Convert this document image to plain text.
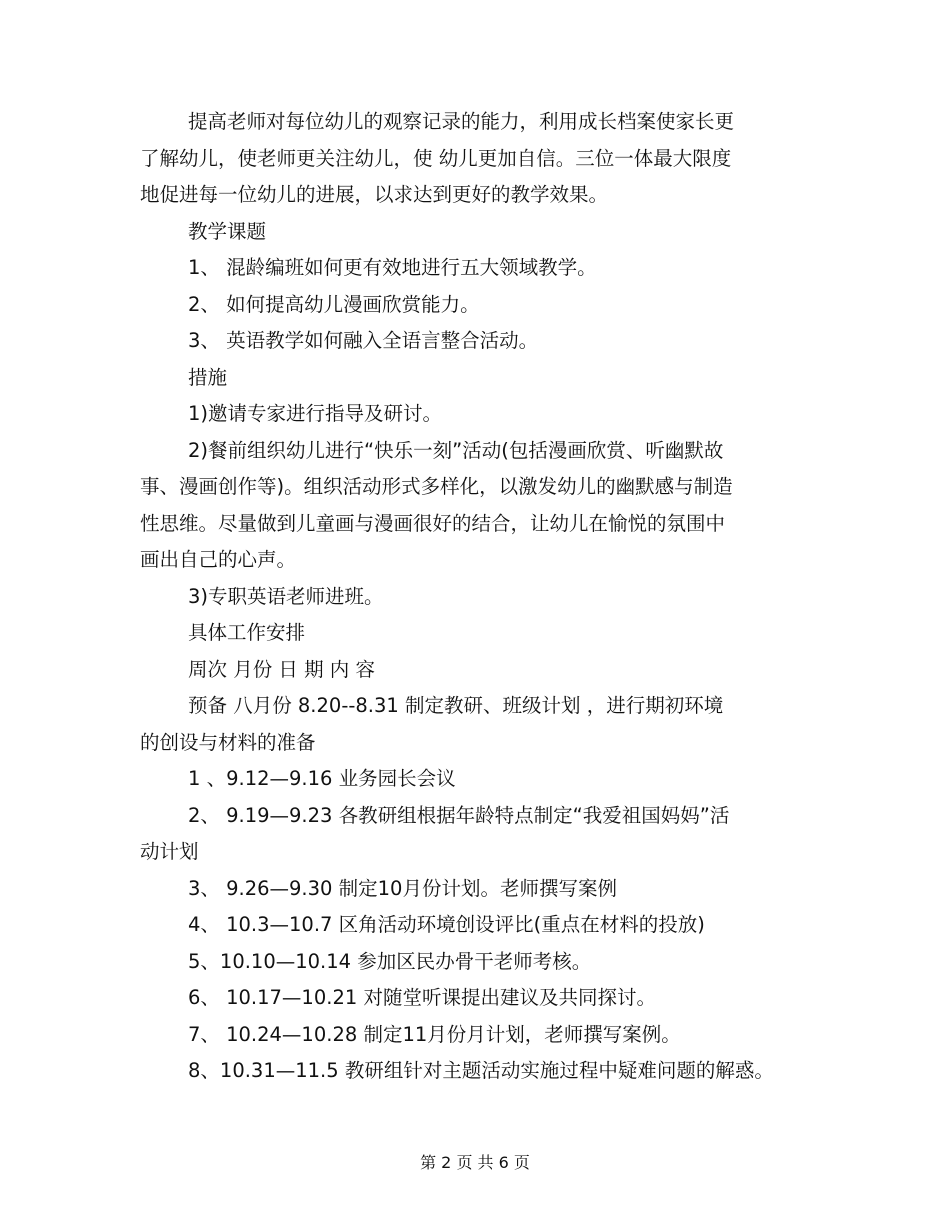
提高老师对每位幼儿的观察记录的能力，利用成长档案使家长更

了解幼儿，使老师更关注幼儿，使 幼儿更加自信。三位一体最大限度

地促进每一位幼儿的进展，以求达到更好的教学效果。

教学课题

1、 混龄编班如何更有效地进行五大领域教学。

2、 如何提高幼儿漫画欣赏能力。

3、 英语教学如何融入全语言整合活动。

措施

1)邀请专家进行指导及研讨。

2)餐前组织幼儿进行“快乐一刻”活动(包括漫画欣赏、听幽默故

事、漫画创作等)。组织活动形式多样化，以激发幼儿的幽默感与制造

性思维。尽量做到儿童画与漫画很好的结合，让幼儿在愉悦的氛围中

画出自己的心声。

3)专职英语老师进班。

具体工作安排

周次 月份 日 期 内 容

预备 八月份 8.20--8.31 制定教研、班级计划 ，进行期初环境

的创设与材料的准备

1 、9.12—9.16 业务园长会议

2、 9.19—9.23 各教研组根据年龄特点制定“我爱祖国妈妈”活

动计划

3、 9.26—9.30 制定10月份计划。老师撰写案例

4、 10.3—10.7 区角活动环境创设评比(重点在材料的投放)

5、10.10—10.14 参加区民办骨干老师考核。

6、 10.17—10.21 对随堂听课提出建议及共同探讨。

7、 10.24—10.28 制定11月份月计划，老师撰写案例。

8、10.31—11.5 教研组针对主题活动实施过程中疑难问题的解惑。

第 2 页 共 6 页
